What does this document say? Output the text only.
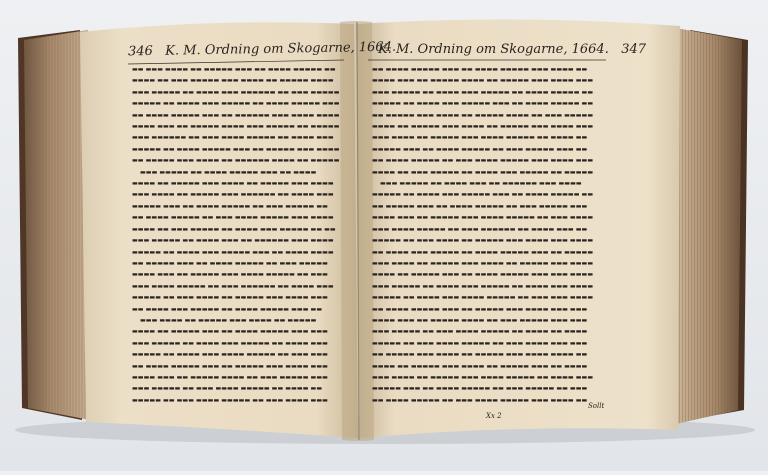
346 K. M. Ordning om Skogarne, 1664.
K. M. Ordning om Skogarne, 1664. 347
▬▬ ▬▬▬ ▬▬▬▬ ▬▬ ▬▬▬▬▬ ▬▬▬ ▬▬ ▬▬▬▬ ▬▬▬▬▬ ▬▬
▬▬▬▬ ▬▬ ▬▬▬ ▬▬▬▬▬ ▬▬▬ ▬▬▬▬ ▬▬ ▬▬▬▬▬ ▬▬▬▬
▬▬▬ ▬▬▬▬▬ ▬▬ ▬▬▬▬ ▬▬▬ ▬▬▬▬▬▬ ▬▬ ▬▬▬ ▬▬▬▬▬
▬▬▬▬▬ ▬▬ ▬▬▬▬ ▬▬▬ ▬▬▬▬▬ ▬▬ ▬▬▬▬ ▬▬▬▬▬ ▬▬▬
▬▬ ▬▬▬▬ ▬▬▬▬▬ ▬▬▬ ▬▬ ▬▬▬▬▬▬ ▬▬▬ ▬▬▬▬ ▬▬▬▬
▬▬▬▬ ▬▬▬ ▬▬ ▬▬▬▬▬ ▬▬▬▬ ▬▬▬ ▬▬▬▬▬ ▬▬ ▬▬▬▬▬
▬▬▬ ▬▬▬▬▬▬ ▬▬ ▬▬▬ ▬▬▬▬ ▬▬▬▬▬ ▬▬ ▬▬▬▬ ▬▬▬
▬▬▬▬▬ ▬▬ ▬▬▬▬ ▬▬▬▬▬ ▬▬▬ ▬▬ ▬▬▬▬▬ ▬▬▬ ▬▬▬▬
▬▬ ▬▬▬▬▬ ▬▬▬ ▬▬▬▬ ▬▬ ▬▬▬▬▬▬ ▬▬▬▬ ▬▬ ▬▬▬▬▬
▬▬▬ ▬▬▬▬▬ ▬▬ ▬▬▬▬ ▬▬▬▬▬ ▬▬▬ ▬▬ ▬▬▬▬
▬▬▬▬ ▬▬ ▬▬▬▬▬ ▬▬▬ ▬▬▬▬ ▬▬ ▬▬▬▬▬ ▬▬▬ ▬▬▬▬
▬▬▬ ▬▬▬▬ ▬▬ ▬▬▬▬▬ ▬▬▬ ▬▬▬▬▬▬ ▬▬ ▬▬▬▬ ▬▬▬
▬▬▬▬▬ ▬▬▬ ▬▬ ▬▬▬▬ ▬▬▬▬▬ ▬▬ ▬▬▬ ▬▬▬▬▬ ▬▬
▬▬ ▬▬▬▬ ▬▬▬▬▬ ▬▬ ▬▬▬ ▬▬▬▬ ▬▬▬▬▬ ▬▬▬ ▬▬▬▬
▬▬▬▬ ▬▬ ▬▬▬ ▬▬▬▬▬ ▬▬ ▬▬▬▬ ▬▬▬ ▬▬▬▬▬ ▬▬ ▬▬
▬▬▬ ▬▬▬▬▬ ▬▬ ▬▬▬▬ ▬▬▬ ▬▬ ▬▬▬▬▬▬ ▬▬▬ ▬▬▬▬
▬▬▬▬▬ ▬▬ ▬▬▬▬ ▬▬▬ ▬▬▬▬▬ ▬▬▬ ▬▬ ▬▬▬▬ ▬▬▬▬
▬▬ ▬▬▬▬▬ ▬▬▬ ▬▬ ▬▬▬▬ ▬▬▬▬▬ ▬▬ ▬▬▬ ▬▬▬▬▬
▬▬▬▬ ▬▬▬ ▬▬ ▬▬▬▬▬ ▬▬▬ ▬▬▬▬ ▬▬▬▬▬ ▬▬ ▬▬▬
▬▬▬ ▬▬▬▬ ▬▬▬▬▬ ▬▬ ▬▬▬ ▬▬▬▬▬▬ ▬▬ ▬▬▬▬ ▬▬▬
▬▬▬▬▬ ▬▬ ▬▬▬ ▬▬▬▬ ▬▬ ▬▬▬▬▬ ▬▬▬ ▬▬▬▬ ▬▬▬
▬▬ ▬▬▬▬ ▬▬▬ ▬▬▬▬▬ ▬▬ ▬▬▬▬ ▬▬▬▬▬ ▬▬▬ ▬▬
▬▬▬ ▬▬▬▬ ▬▬ ▬▬▬▬▬ ▬▬▬ ▬▬▬▬ ▬▬ ▬▬▬▬▬
▬▬▬▬ ▬▬ ▬▬▬▬▬ ▬▬▬ ▬▬ ▬▬▬▬ ▬▬▬▬▬ ▬▬▬ ▬▬▬
▬▬▬ ▬▬▬▬▬ ▬▬ ▬▬▬▬ ▬▬▬ ▬▬▬▬▬ ▬▬ ▬▬▬▬ ▬▬▬
▬▬▬▬▬ ▬▬ ▬▬▬▬ ▬▬▬ ▬▬▬▬ ▬▬▬▬▬ ▬▬ ▬▬▬ ▬▬▬
▬▬ ▬▬▬▬ ▬▬▬▬▬ ▬▬▬ ▬▬ ▬▬▬▬▬ ▬▬▬ ▬▬▬▬ ▬▬▬
▬▬▬▬ ▬▬▬ ▬▬ ▬▬▬▬▬ ▬▬▬▬ ▬▬ ▬▬▬ ▬▬▬▬▬ ▬▬▬
▬▬▬ ▬▬▬▬▬ ▬▬ ▬▬▬ ▬▬▬▬ ▬▬▬▬▬ ▬▬ ▬▬▬▬ ▬▬
▬▬▬▬▬ ▬▬ ▬▬▬ ▬▬▬▬ ▬▬▬▬▬ ▬▬ ▬▬▬ ▬▬▬▬ ▬▬▬
▬▬ ▬▬▬▬ ▬▬▬▬▬ ▬▬▬ ▬▬ ▬▬▬▬ ▬▬▬▬▬ ▬▬▬ ▬▬▬▬ ▬▬
▬▬▬▬ ▬▬▬ ▬▬ ▬▬▬▬▬ ▬▬▬▬ ▬▬ ▬▬▬▬▬ ▬▬▬ ▬▬▬▬ ▬▬▬
▬▬▬ ▬▬▬▬▬ ▬▬ ▬▬▬▬ ▬▬▬ ▬▬▬▬▬ ▬▬ ▬▬▬▬ ▬▬▬▬▬ ▬▬
▬▬▬▬▬ ▬▬ ▬▬▬▬ ▬▬▬ ▬▬▬▬▬ ▬▬▬ ▬▬ ▬▬▬▬ ▬▬▬▬▬ ▬▬
▬▬ ▬▬▬▬▬ ▬▬▬ ▬▬▬▬ ▬▬ ▬▬▬▬▬ ▬▬▬▬ ▬▬ ▬▬▬ ▬▬▬▬▬
▬▬▬▬ ▬▬ ▬▬▬▬▬ ▬▬▬ ▬▬▬▬ ▬▬ ▬▬▬▬▬ ▬▬▬ ▬▬▬▬ ▬▬▬
▬▬▬ ▬▬▬▬ ▬▬ ▬▬▬▬▬ ▬▬▬ ▬▬▬▬ ▬▬▬▬▬ ▬▬ ▬▬▬▬ ▬▬
▬▬▬▬▬ ▬▬▬ ▬▬ ▬▬▬▬ ▬▬▬▬▬ ▬▬ ▬▬▬ ▬▬▬▬▬ ▬▬▬ ▬▬
▬▬ ▬▬▬▬ ▬▬▬▬▬ ▬▬ ▬▬▬ ▬▬▬▬ ▬▬▬▬▬ ▬▬▬ ▬▬▬▬ ▬▬▬
▬▬▬▬ ▬▬ ▬▬▬ ▬▬▬▬▬ ▬▬ ▬▬▬▬ ▬▬▬ ▬▬▬▬▬ ▬▬ ▬▬▬▬▬
▬▬▬ ▬▬▬▬▬ ▬▬ ▬▬▬▬ ▬▬▬ ▬▬ ▬▬▬▬▬▬ ▬▬▬ ▬▬▬▬
▬▬▬▬▬ ▬▬ ▬▬▬▬ ▬▬▬ ▬▬▬▬▬ ▬▬▬ ▬▬ ▬▬▬▬ ▬▬▬▬▬ ▬▬
▬▬ ▬▬▬▬▬ ▬▬▬ ▬▬ ▬▬▬▬ ▬▬▬▬▬ ▬▬ ▬▬▬ ▬▬▬▬▬ ▬▬▬
▬▬▬▬ ▬▬▬ ▬▬ ▬▬▬▬▬ ▬▬▬ ▬▬▬▬ ▬▬▬▬▬ ▬▬ ▬▬▬ ▬▬▬▬
▬▬▬ ▬▬▬▬ ▬▬▬▬▬ ▬▬ ▬▬▬ ▬▬▬▬▬▬ ▬▬ ▬▬▬▬ ▬▬▬ ▬▬
▬▬▬▬▬ ▬▬ ▬▬▬ ▬▬▬▬ ▬▬ ▬▬▬▬▬ ▬▬▬ ▬▬▬▬ ▬▬▬ ▬▬▬▬
▬▬ ▬▬▬▬ ▬▬▬ ▬▬▬▬▬ ▬▬ ▬▬▬▬ ▬▬▬▬▬ ▬▬▬ ▬▬ ▬▬▬▬▬
▬▬▬ ▬▬▬▬ ▬▬ ▬▬▬▬▬ ▬▬▬ ▬▬▬▬ ▬▬ ▬▬▬▬▬ ▬▬▬ ▬▬▬▬
▬▬▬▬ ▬▬ ▬▬▬▬▬ ▬▬▬ ▬▬ ▬▬▬▬ ▬▬▬▬▬ ▬▬▬ ▬▬▬ ▬▬▬▬
▬▬▬ ▬▬▬▬▬ ▬▬ ▬▬▬▬ ▬▬▬ ▬▬▬▬▬ ▬▬ ▬▬▬▬ ▬▬▬ ▬▬▬▬
▬▬▬▬▬ ▬▬ ▬▬▬▬ ▬▬▬ ▬▬▬▬ ▬▬▬▬▬ ▬▬ ▬▬▬ ▬▬▬ ▬▬▬▬
▬▬ ▬▬▬▬ ▬▬▬▬▬ ▬▬▬ ▬▬ ▬▬▬▬▬ ▬▬▬ ▬▬▬▬ ▬▬▬ ▬▬▬
▬▬▬▬ ▬▬▬ ▬▬ ▬▬▬▬▬ ▬▬▬▬ ▬▬ ▬▬▬ ▬▬▬▬▬ ▬▬▬ ▬▬▬
▬▬▬ ▬▬▬▬▬ ▬▬ ▬▬▬ ▬▬▬▬ ▬▬▬▬▬ ▬▬ ▬▬▬▬ ▬▬ ▬▬▬▬
▬▬▬▬▬ ▬▬ ▬▬▬ ▬▬▬▬ ▬▬▬▬▬ ▬▬ ▬▬▬ ▬▬▬▬ ▬▬▬ ▬▬▬
▬▬ ▬▬▬▬▬ ▬▬▬ ▬▬▬▬ ▬▬ ▬▬▬▬▬ ▬▬▬ ▬▬▬▬ ▬▬▬▬ ▬▬
▬▬▬▬ ▬▬ ▬▬▬▬▬ ▬▬▬ ▬▬▬▬ ▬▬ ▬▬▬▬▬ ▬▬▬ ▬▬ ▬▬▬▬
▬▬▬ ▬▬▬▬ ▬▬ ▬▬▬▬▬ ▬▬▬ ▬▬▬▬ ▬▬▬▬▬ ▬▬ ▬▬▬▬ ▬▬▬
▬▬▬▬▬ ▬▬▬ ▬▬ ▬▬▬▬ ▬▬▬▬▬ ▬▬ ▬▬▬ ▬▬▬▬▬ ▬▬ ▬▬▬
▬▬ ▬▬▬▬ ▬▬▬▬▬ ▬▬ ▬▬▬ ▬▬▬▬ ▬▬▬▬▬ ▬▬▬ ▬▬▬▬ ▬▬
Xx 2
Sollt
